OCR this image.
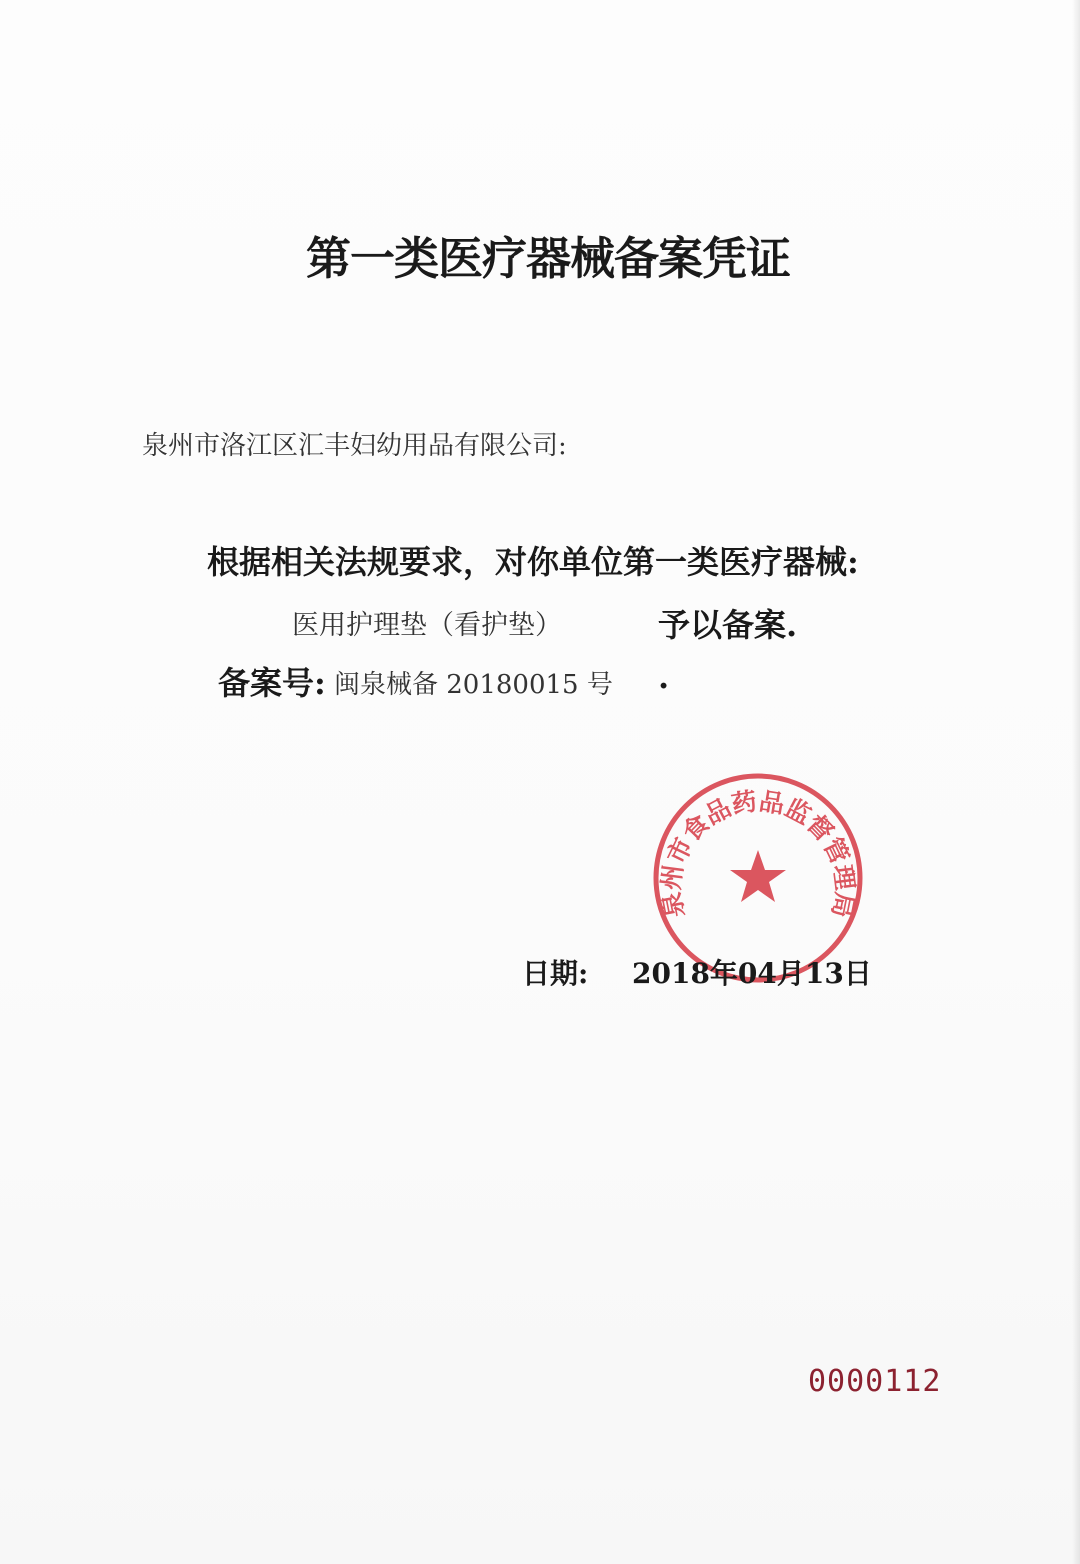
第一类医疗器械备案凭证
泉州市洛江区汇丰妇幼用品有限公司:
根据相关法规要求，对你单位第一类医疗器械:
医用护理垫（看护垫）	予以备案.
备案号: 闽泉械备 20180015 号 .
泉州市食品药品监督管理局
日期: 2018年04月13日
0000112
